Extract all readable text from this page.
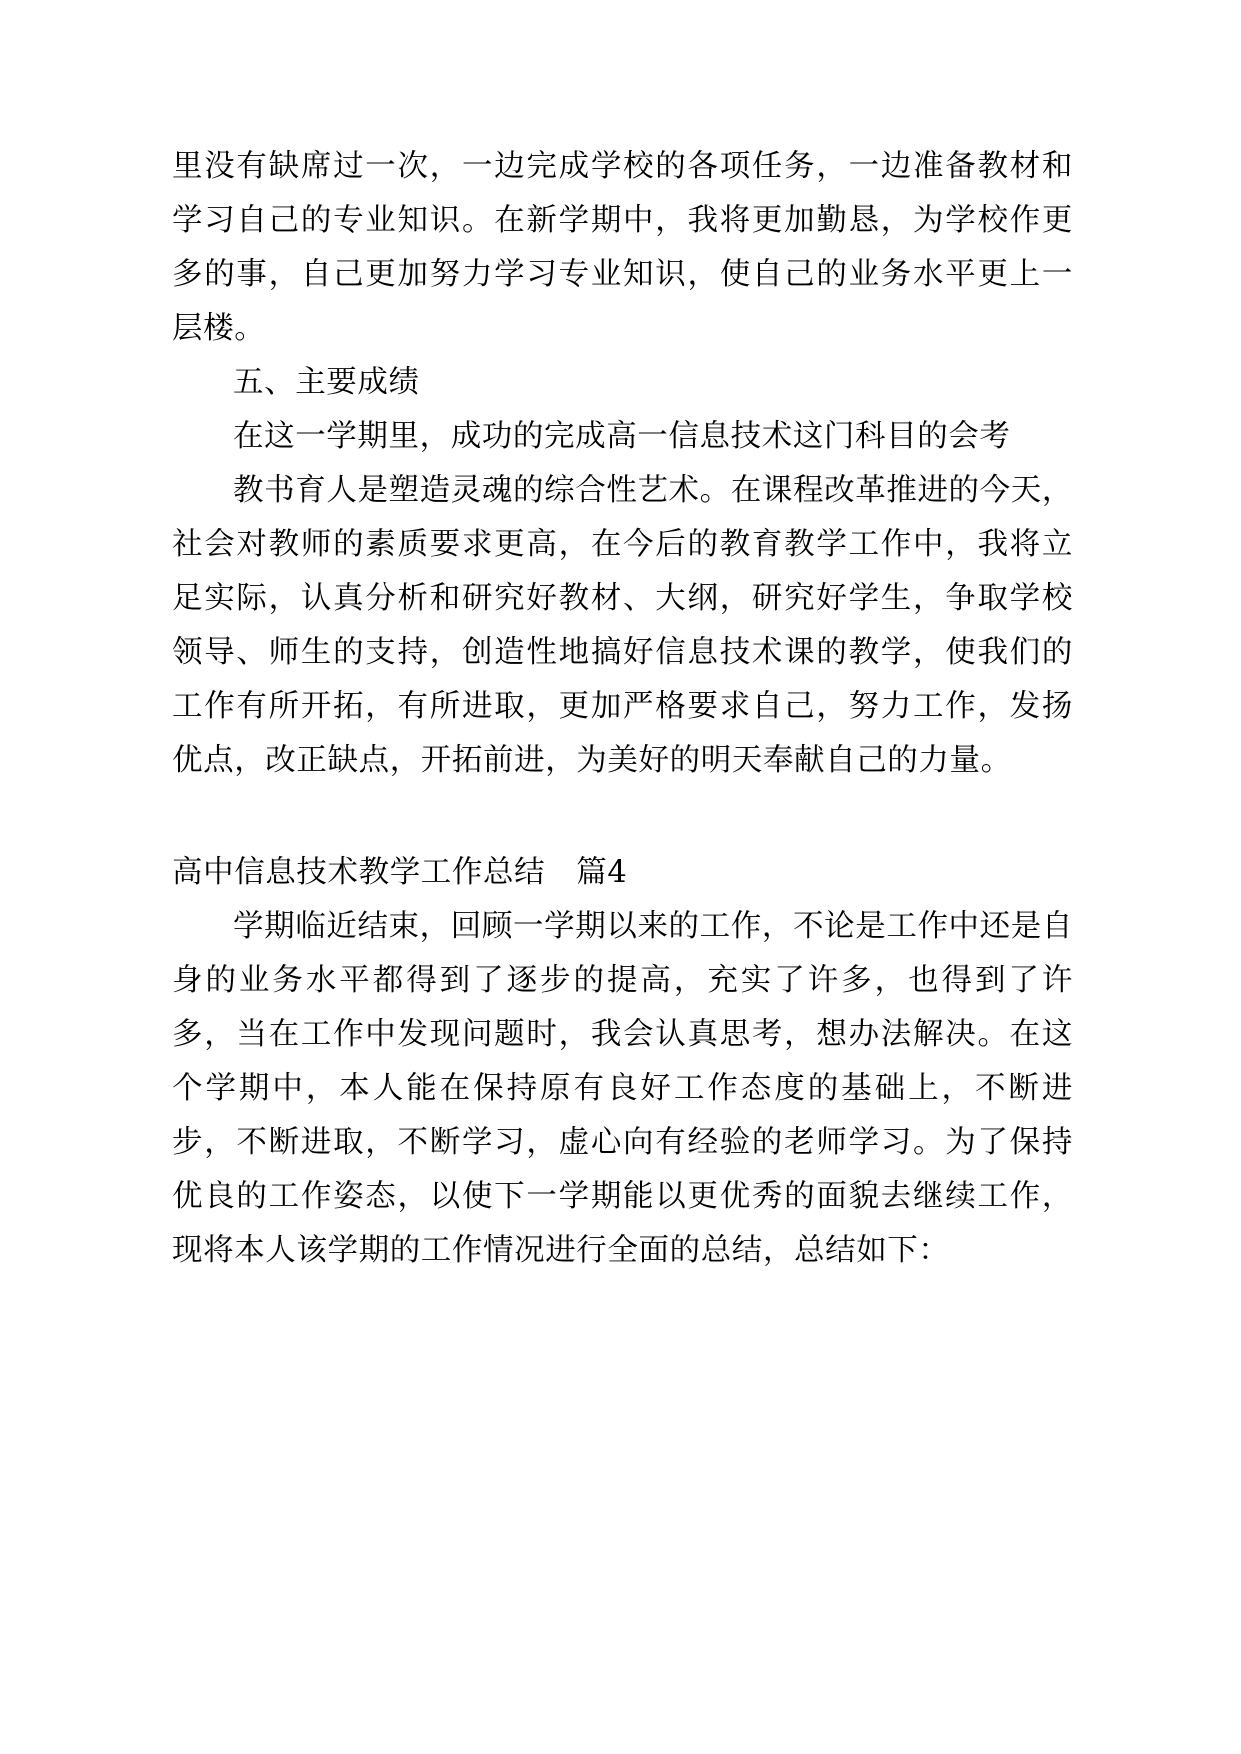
里没有缺席过一次，一边完成学校的各项任务，一边准备教材和学习自己的专业知识。在新学期中，我将更加勤恳，为学校作更多的事，自己更加努力学习专业知识，使自己的业务水平更上一层楼。

五、主要成绩

在这一学期里，成功的完成高一信息技术这门科目的会考

教书育人是塑造灵魂的综合性艺术。在课程改革推进的今天，社会对教师的素质要求更高，在今后的教育教学工作中，我将立足实际，认真分析和研究好教材、大纲，研究好学生，争取学校领导、师生的支持，创造性地搞好信息技术课的教学，使我们的工作有所开拓，有所进取，更加严格要求自己，努力工作，发扬优点，改正缺点，开拓前进，为美好的明天奉献自己的力量。

高中信息技术教学工作总结　篇4

学期临近结束，回顾一学期以来的工作，不论是工作中还是自身的业务水平都得到了逐步的提高，充实了许多，也得到了许多，当在工作中发现问题时，我会认真思考，想办法解决。在这个学期中，本人能在保持原有良好工作态度的基础上，不断进步，不断进取，不断学习，虚心向有经验的老师学习。为了保持优良的工作姿态，以使下一学期能以更优秀的面貌去继续工作，现将本人该学期的工作情况进行全面的总结，总结如下：
